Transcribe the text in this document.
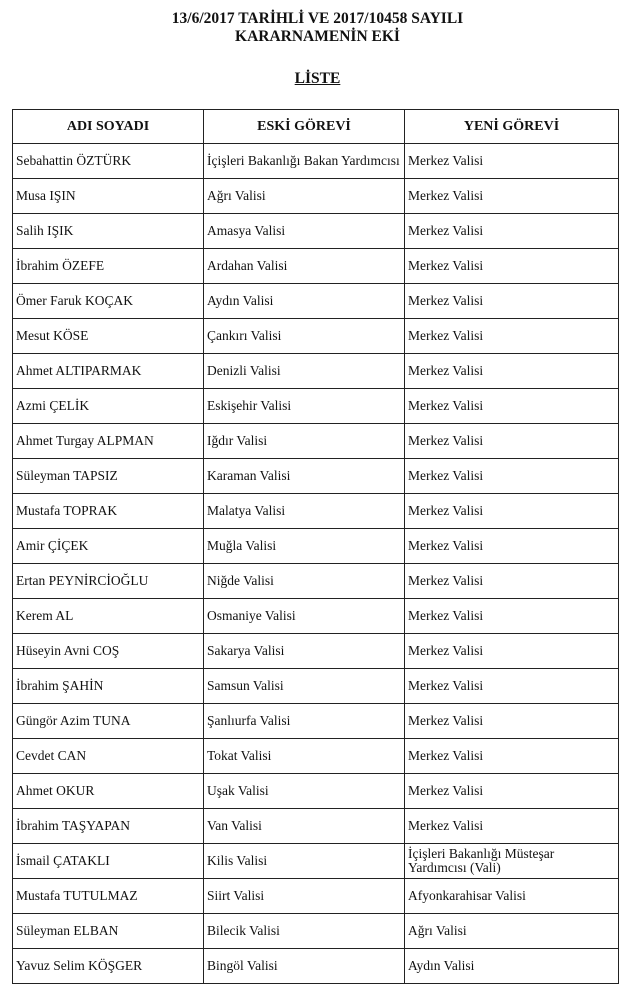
13/6/2017 TARİHLİ VE 2017/10458 SAYILI
KARARNAMENİN EKİ
LİSTE
ADI SOYADI	ESKİ GÖREVİ	YENİ GÖREVİ
Sebahattin ÖZTÜRK	İçişleri Bakanlığı Bakan Yardımcısı	Merkez Valisi
Musa IŞIN	Ağrı Valisi	Merkez Valisi
Salih IŞIK	Amasya Valisi	Merkez Valisi
İbrahim ÖZEFE	Ardahan Valisi	Merkez Valisi
Ömer Faruk KOÇAK	Aydın Valisi	Merkez Valisi
Mesut KÖSE	Çankırı Valisi	Merkez Valisi
Ahmet ALTIPARMAK	Denizli Valisi	Merkez Valisi
Azmi ÇELİK	Eskişehir Valisi	Merkez Valisi
Ahmet Turgay ALPMAN	Iğdır Valisi	Merkez Valisi
Süleyman TAPSIZ	Karaman Valisi	Merkez Valisi
Mustafa TOPRAK	Malatya Valisi	Merkez Valisi
Amir ÇİÇEK	Muğla Valisi	Merkez Valisi
Ertan PEYNİRCİOĞLU	Niğde Valisi	Merkez Valisi
Kerem AL	Osmaniye Valisi	Merkez Valisi
Hüseyin Avni COŞ	Sakarya Valisi	Merkez Valisi
İbrahim ŞAHİN	Samsun Valisi	Merkez Valisi
Güngör Azim TUNA	Şanlıurfa Valisi	Merkez Valisi
Cevdet CAN	Tokat Valisi	Merkez Valisi
Ahmet OKUR	Uşak Valisi	Merkez Valisi
İbrahim TAŞYAPAN	Van Valisi	Merkez Valisi
İsmail ÇATAKLI	Kilis Valisi	İçişleri Bakanlığı Müsteşar Yardımcısı (Vali)
Mustafa TUTULMAZ	Siirt Valisi	Afyonkarahisar Valisi
Süleyman ELBAN	Bilecik Valisi	Ağrı Valisi
Yavuz Selim KÖŞGER	Bingöl Valisi	Aydın Valisi
